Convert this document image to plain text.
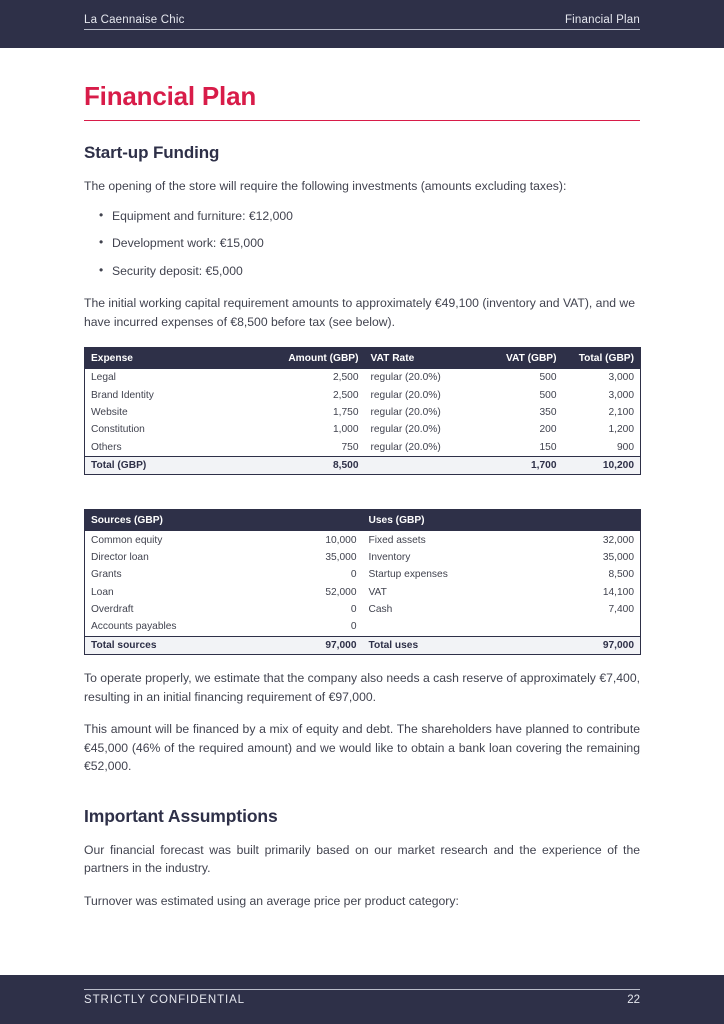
La Caennaise Chic	Financial Plan
Financial Plan
Start-up Funding

The opening of the store will require the following investments (amounts excluding taxes):

• Equipment and furniture: €12,000
• Development work: €15,000
• Security deposit: €5,000

The initial working capital requirement amounts to approximately €49,100 (inventory and VAT), and we have incurred expenses of €8,500 before tax (see below).

Expense	Amount (GBP)	VAT Rate	VAT (GBP)	Total (GBP)
Legal	2,500	regular (20.0%)	500	3,000
Brand Identity	2,500	regular (20.0%)	500	3,000
Website	1,750	regular (20.0%)	350	2,100
Constitution	1,000	regular (20.0%)	200	1,200
Others	750	regular (20.0%)	150	900
Total (GBP)	8,500		1,700	10,200
Sources (GBP)		Uses (GBP)	
Common equity	10,000	Fixed assets	32,000
Director loan	35,000	Inventory	35,000
Grants	0	Startup expenses	8,500
Loan	52,000	VAT	14,100
Overdraft	0	Cash	7,400
Accounts payables	0		
Total sources	97,000	Total uses	97,000

To operate properly, we estimate that the company also needs a cash reserve of approximately €7,400, resulting in an initial financing requirement of €97,000.

This amount will be financed by a mix of equity and debt. The shareholders have planned to contribute €45,000 (46% of the required amount) and we would like to obtain a bank loan covering the remaining €52,000.

Important Assumptions

Our financial forecast was built primarily based on our market research and the experience of the partners in the industry.

Turnover was estimated using an average price per product category:

STRICTLY CONFIDENTIAL	22
